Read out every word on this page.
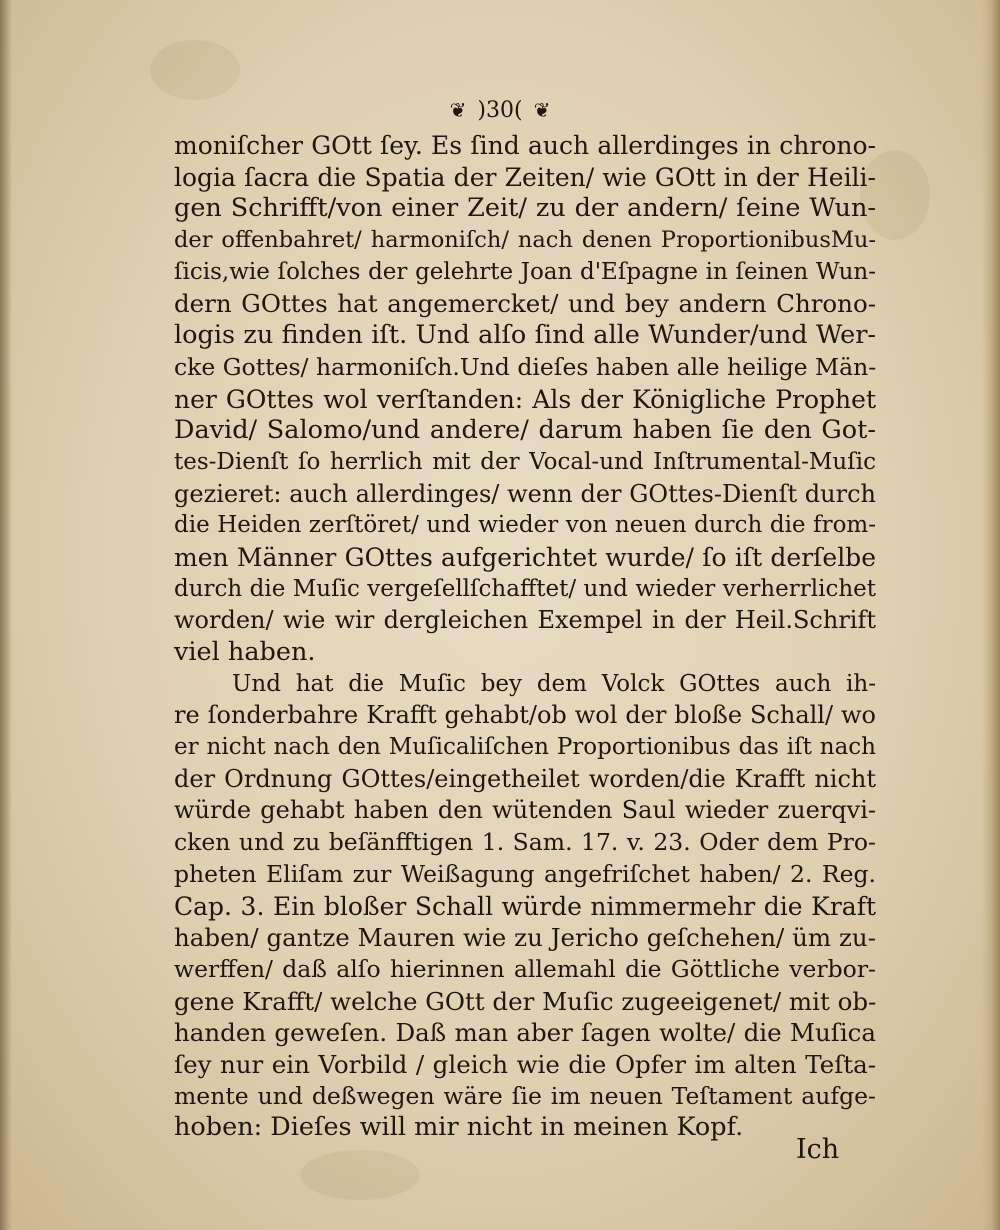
❦ )30( ❦
moniſcher GOtt ſey. Es ſind auch allerdinges in chrono-
logia ſacra die Spatia der Zeiten/ wie GOtt in der Heili-
gen Schrifft/von einer Zeit/ zu der andern/ ſeine Wun-
der offenbahret/ harmoniſch/ nach denen ProportionibusMu-
ſicis,wie ſolches der gelehrte Joan d'Eſpagne in ſeinen Wun-
dern GOttes hat angemercket/ und bey andern Chrono-
logis zu finden iſt. Und alſo ſind alle Wunder/und Wer-
cke Gottes/ harmoniſch.Und dieſes haben alle heilige Män-
ner GOttes wol verſtanden: Als der Königliche Prophet
David/ Salomo/und andere/ darum haben ſie den Got-
tes-Dienſt ſo herrlich mit der Vocal-und Inſtrumental-Muſic
gezieret: auch allerdinges/ wenn der GOttes-Dienſt durch
die Heiden zerſtöret/ und wieder von neuen durch die from-
men Männer GOttes aufgerichtet wurde/ ſo iſt derſelbe
durch die Muſic vergeſellſchafftet/ und wieder verherrlichet
worden/ wie wir dergleichen Exempel in der Heil.Schrift
viel haben.
Und hat die Muſic bey dem Volck GOttes auch ih-
re ſonderbahre Krafft gehabt/ob wol der bloße Schall/ wo
er nicht nach den Muſicaliſchen Proportionibus das iſt nach
der Ordnung GOttes/eingetheilet worden/die Krafft nicht
würde gehabt haben den wütenden Saul wieder zuerqvi-
cken und zu beſänfftigen 1. Sam. 17. v. 23. Oder dem Pro-
pheten Eliſam zur Weißagung angefriſchet haben/ 2. Reg.
Cap. 3. Ein bloßer Schall würde nimmermehr die Kraft
haben/ gantze Mauren wie zu Jericho geſchehen/ üm zu-
werffen/ daß alſo hierinnen allemahl die Göttliche verbor-
gene Krafft/ welche GOtt der Muſic zugeeigenet/ mit ob-
handen geweſen. Daß man aber ſagen wolte/ die Muſica
ſey nur ein Vorbild / gleich wie die Opfer im alten Teſta-
mente und deßwegen wäre ſie im neuen Teſtament aufge-
hoben: Dieſes will mir nicht in meinen Kopf.
Ich
